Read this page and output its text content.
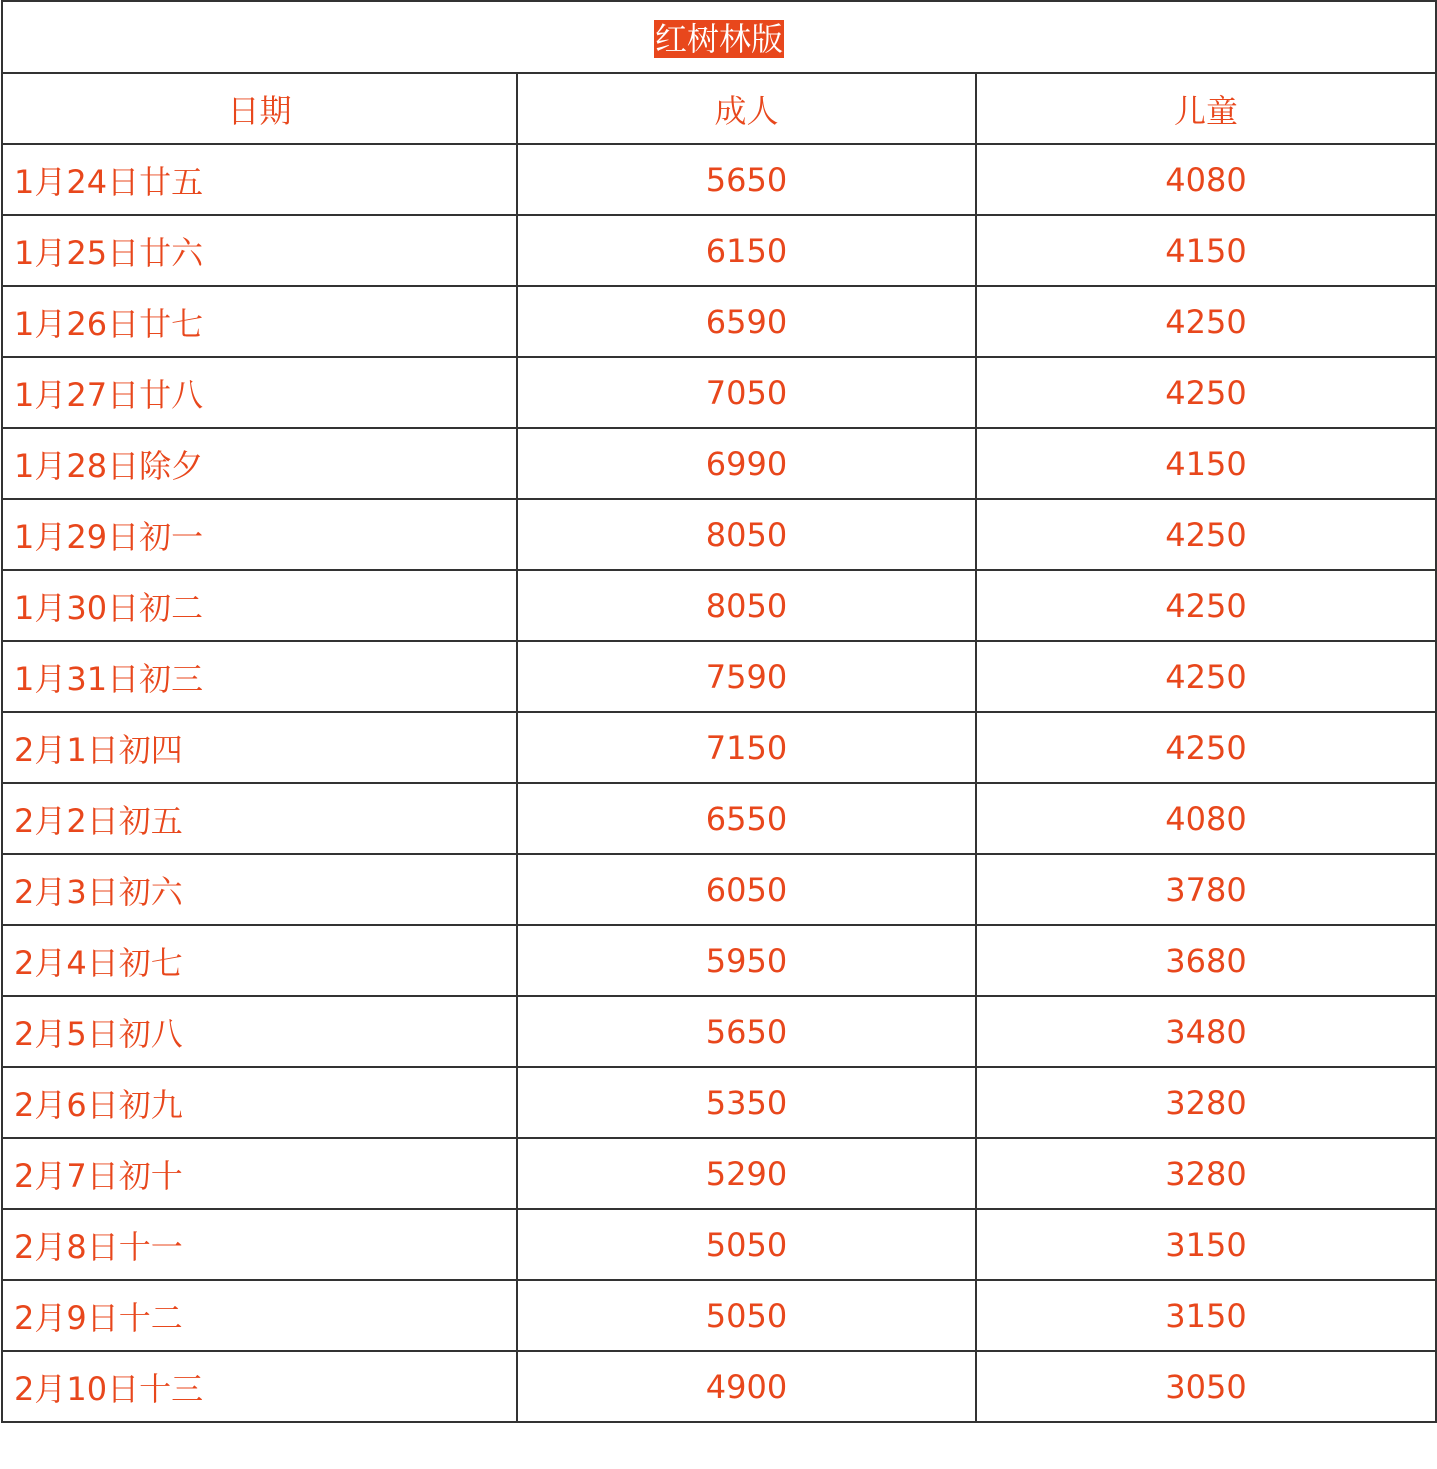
红树林版		
日期	成人	儿童
1月24日廿五	5650	4080
1月25日廿六	6150	4150
1月26日廿七	6590	4250
1月27日廿八	7050	4250
1月28日除夕	6990	4150
1月29日初一	8050	4250
1月30日初二	8050	4250
1月31日初三	7590	4250
2月1日初四	7150	4250
2月2日初五	6550	4080
2月3日初六	6050	3780
2月4日初七	5950	3680
2月5日初八	5650	3480
2月6日初九	5350	3280
2月7日初十	5290	3280
2月8日十一	5050	3150
2月9日十二	5050	3150
2月10日十三	4900	3050
